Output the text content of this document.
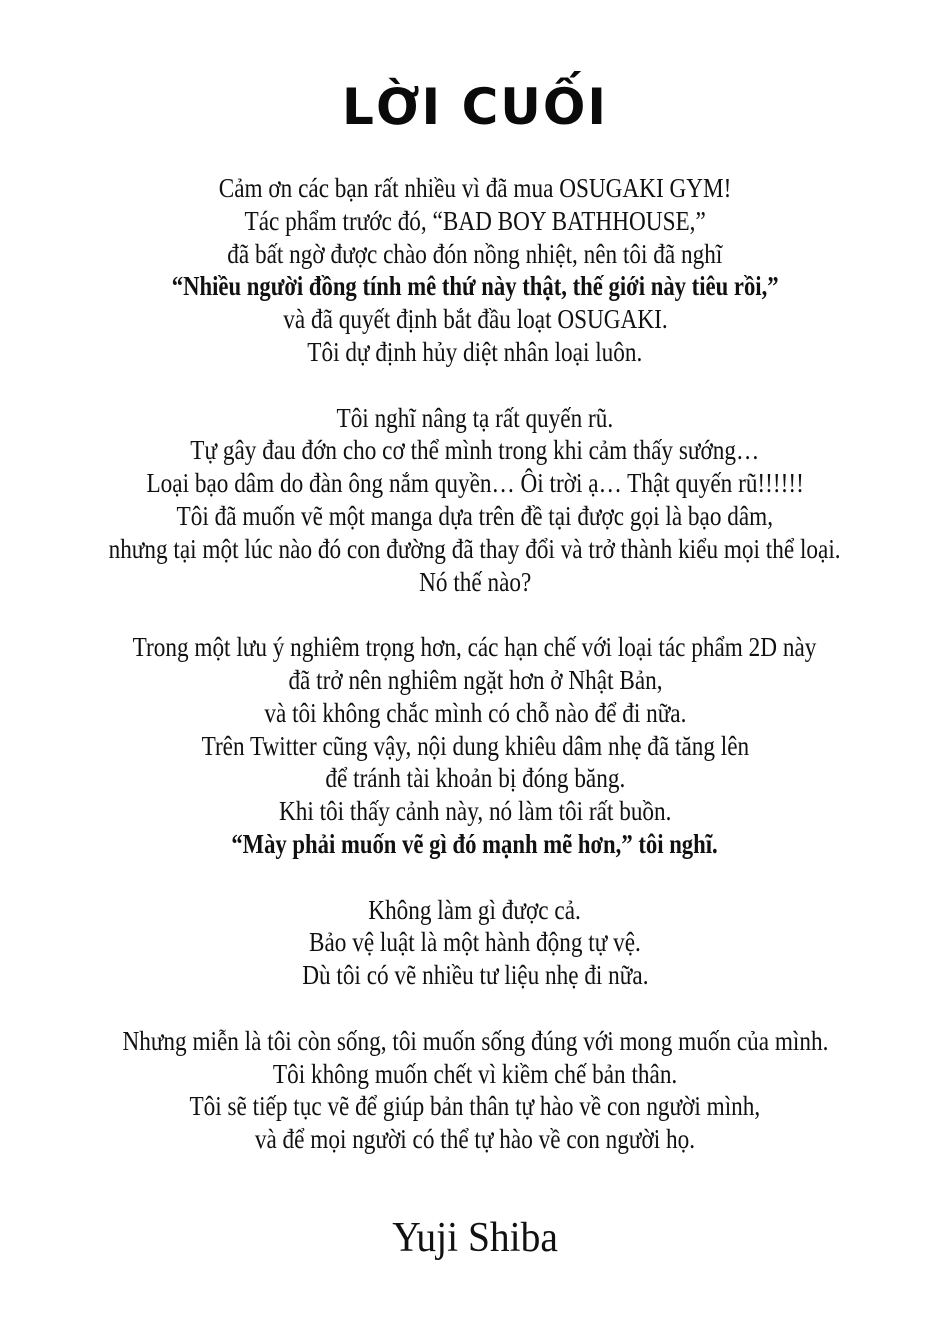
LỜI CUỐI
Cảm ơn các bạn rất nhiều vì đã mua OSUGAKI GYM!
Tác phẩm trước đó, “BAD BOY BATHHOUSE,”
đã bất ngờ được chào đón nồng nhiệt, nên tôi đã nghĩ
“Nhiều người đồng tính mê thứ này thật, thế giới này tiêu rồi,”
và đã quyết định bắt đầu loạt OSUGAKI.
Tôi dự định hủy diệt nhân loại luôn.
Tôi nghĩ nâng tạ rất quyến rũ.
Tự gây đau đớn cho cơ thể mình trong khi cảm thấy sướng…
Loại bạo dâm do đàn ông nắm quyền… Ôi trời ạ… Thật quyến rũ!!!!!!
Tôi đã muốn vẽ một manga dựa trên đề tại được gọi là bạo dâm,
nhưng tại một lúc nào đó con đường đã thay đổi và trở thành kiểu mọi thể loại.
Nó thế nào?
Trong một lưu ý nghiêm trọng hơn, các hạn chế với loại tác phẩm 2D này
đã trở nên nghiêm ngặt hơn ở Nhật Bản,
và tôi không chắc mình có chỗ nào để đi nữa.
Trên Twitter cũng vậy, nội dung khiêu dâm nhẹ đã tăng lên
để tránh tài khoản bị đóng băng.
Khi tôi thấy cảnh này, nó làm tôi rất buồn.
“Mày phải muốn vẽ gì đó mạnh mẽ hơn,” tôi nghĩ.
Không làm gì được cả.
Bảo vệ luật là một hành động tự vệ.
Dù tôi có vẽ nhiều tư liệu nhẹ đi nữa.
Nhưng miễn là tôi còn sống, tôi muốn sống đúng với mong muốn của mình.
Tôi không muốn chết vì kiềm chế bản thân.
Tôi sẽ tiếp tục vẽ để giúp bản thân tự hào về con người mình,
và để mọi người có thể tự hào về con người họ.
Yuji Shiba
